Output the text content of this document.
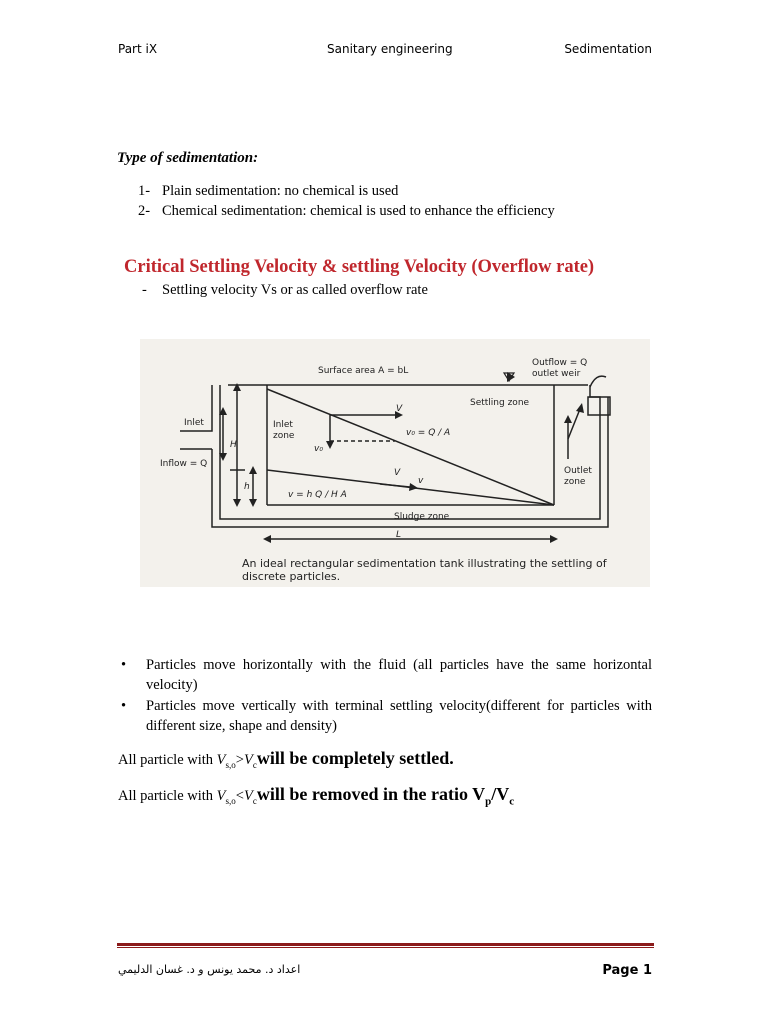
Part iX	Sanitary engineering	Sedimentation
Type of sedimentation:
1- Plain sedimentation: no chemical is used
2- Chemical sedimentation: chemical is used to enhance the efficiency
Critical Settling Velocity & settling Velocity (Overflow rate)
-	Settling velocity Vs or as called overflow rate
Surface area A = bL
Outflow = Q
outlet weir
Settling zone
Inlet	Inlet
zone
Inflow = Q
H
h
V
v₀
v₀ = Q / A
V
v
v = h Q / H A
Outlet
zone
Sludge zone
L
An ideal rectangular sedimentation tank illustrating the settling of
discrete particles.
•	Particles move horizontally with the fluid (all particles have the same horizontal velocity)
•	Particles move vertically with terminal settling velocity(different for particles with different size, shape and density)
All particle with $V_{s,o}>V_cwill$ be completely settled.
All particle with $V_{s,o}<V_cwill$ be removed in the ratio $V_p/V_c$
اعداد د. محمد يونس و د. غسان الدليمي	Page 1
